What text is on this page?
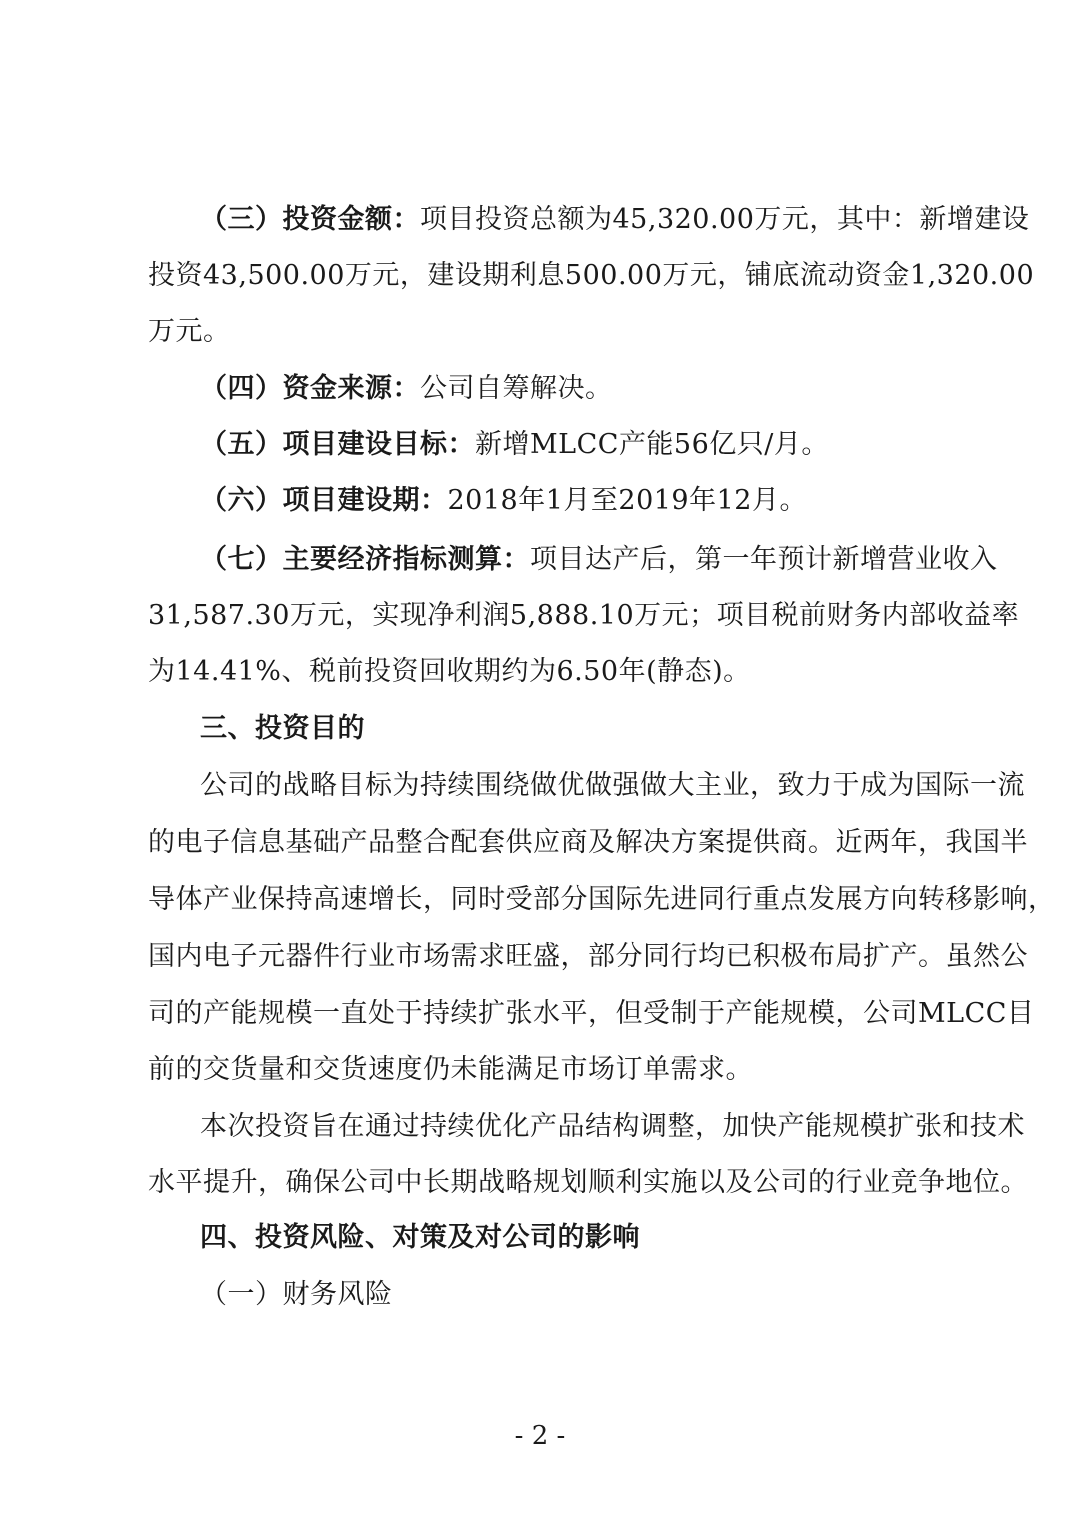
（三）投资金额：项目投资总额为45,320.00万元，其中：新增建设
投资43,500.00万元，建设期利息500.00万元，铺底流动资金1,320.00
万元。
（四）资金来源：公司自筹解决。
（五）项目建设目标：新增MLCC产能56亿只/月。
（六）项目建设期：2018年1月至2019年12月。
（七）主要经济指标测算：项目达产后，第一年预计新增营业收入
31,587.30万元，实现净利润5,888.10万元；项目税前财务内部收益率
为14.41%、税前投资回收期约为6.50年(静态)。
三、投资目的
公司的战略目标为持续围绕做优做强做大主业，致力于成为国际一流
的电子信息基础产品整合配套供应商及解决方案提供商。近两年，我国半
导体产业保持高速增长，同时受部分国际先进同行重点发展方向转移影响，
国内电子元器件行业市场需求旺盛，部分同行均已积极布局扩产。虽然公
司的产能规模一直处于持续扩张水平，但受制于产能规模，公司MLCC目
前的交货量和交货速度仍未能满足市场订单需求。
本次投资旨在通过持续优化产品结构调整，加快产能规模扩张和技术
水平提升，确保公司中长期战略规划顺利实施以及公司的行业竞争地位。
四、投资风险、对策及对公司的影响
（一）财务风险
- 2 -
